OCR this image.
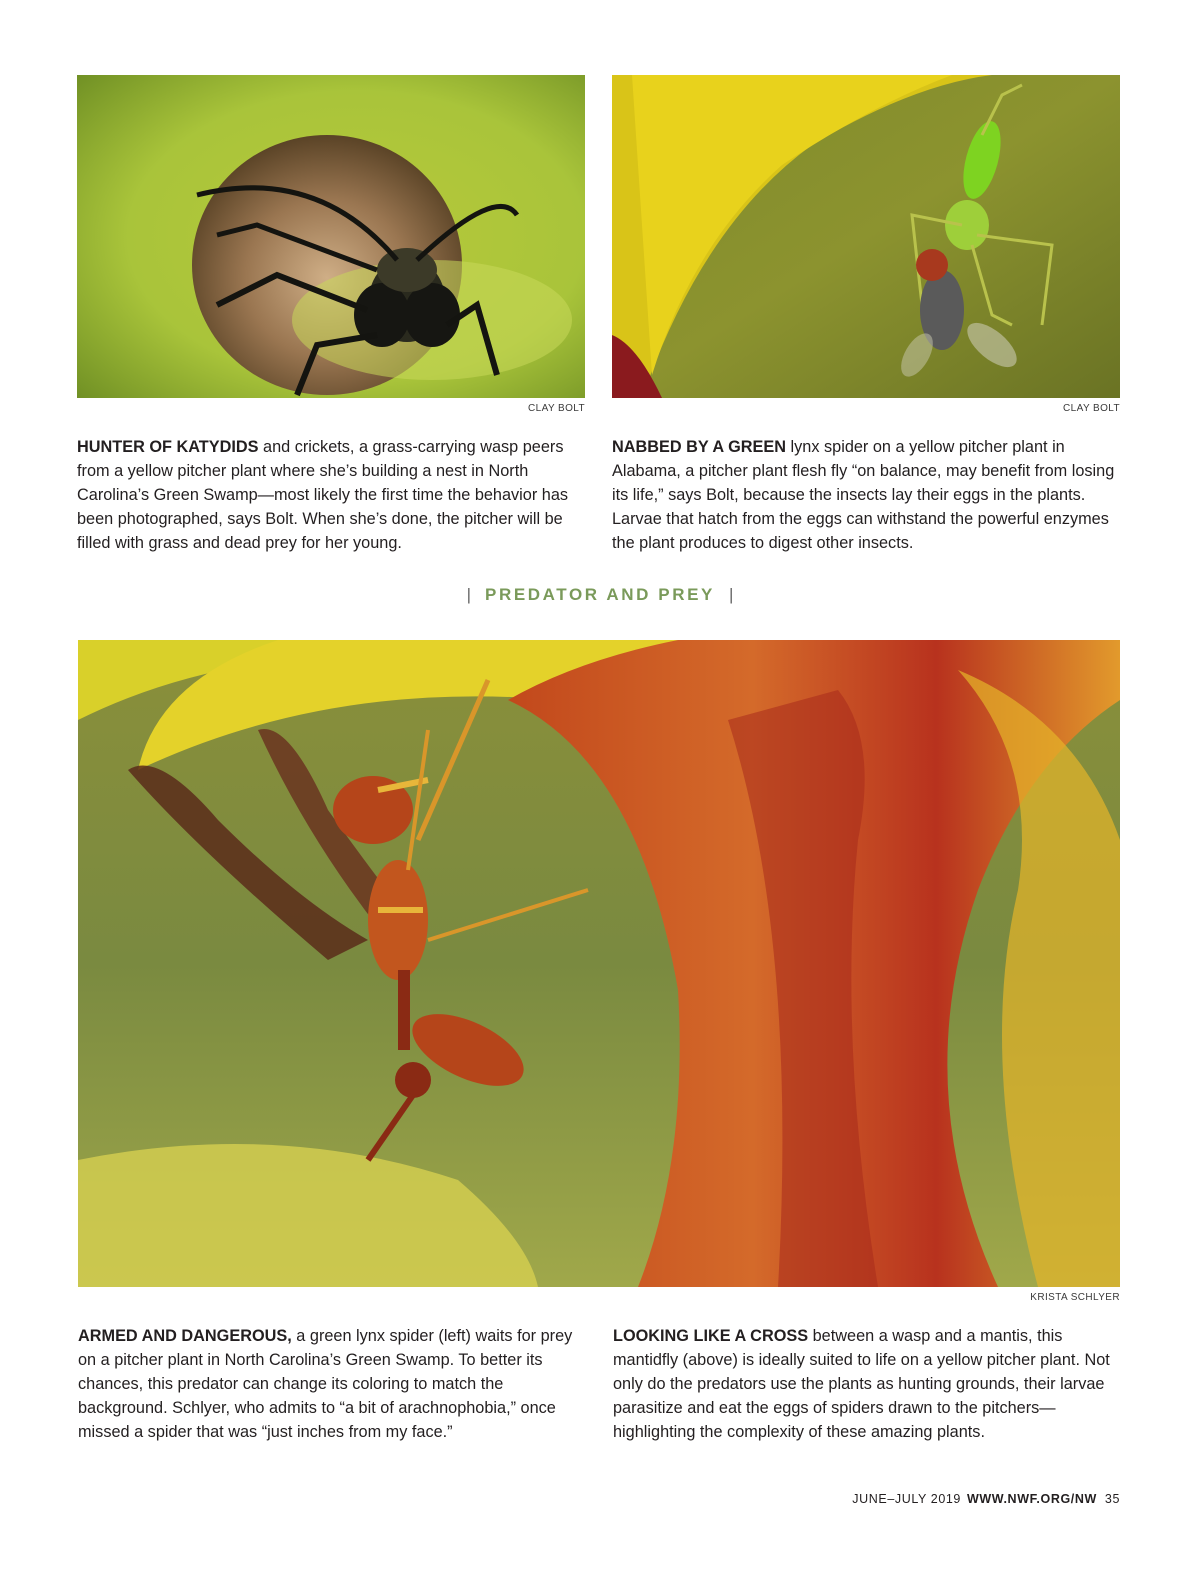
CLAY BOLT	CLAY BOLT

HUNTER OF KATYDIDS and crickets, a grass-carrying wasp peers from a yellow pitcher plant where she’s building a nest in North Carolina’s Green Swamp—most likely the first time the behavior has been photographed, says Bolt. When she’s done, the pitcher will be filled with grass and dead prey for her young.

NABBED BY A GREEN lynx spider on a yellow pitcher plant in Alabama, a pitcher plant flesh fly “on balance, may benefit from losing its life,” says Bolt, because the insects lay their eggs in the plants. Larvae that hatch from the eggs can withstand the powerful enzymes the plant produces to digest other insects.

| PREDATOR AND PREY |
KRISTA SCHLYER

ARMED AND DANGEROUS, a green lynx spider (left) waits for prey on a pitcher plant in North Carolina’s Green Swamp. To better its chances, this predator can change its coloring to match the background. Schlyer, who admits to “a bit of arachnophobia,” once missed a spider that was “just inches from my face.”

LOOKING LIKE A CROSS between a wasp and a mantis, this mantidfly (above) is ideally suited to life on a yellow pitcher plant. Not only do the predators use the plants as hunting grounds, their larvae parasitize and eat the eggs of spiders drawn to the pitchers—highlighting the complexity of these amazing plants.

JUNE–JULY 2019 WWW.NWF.ORG/NW 35
